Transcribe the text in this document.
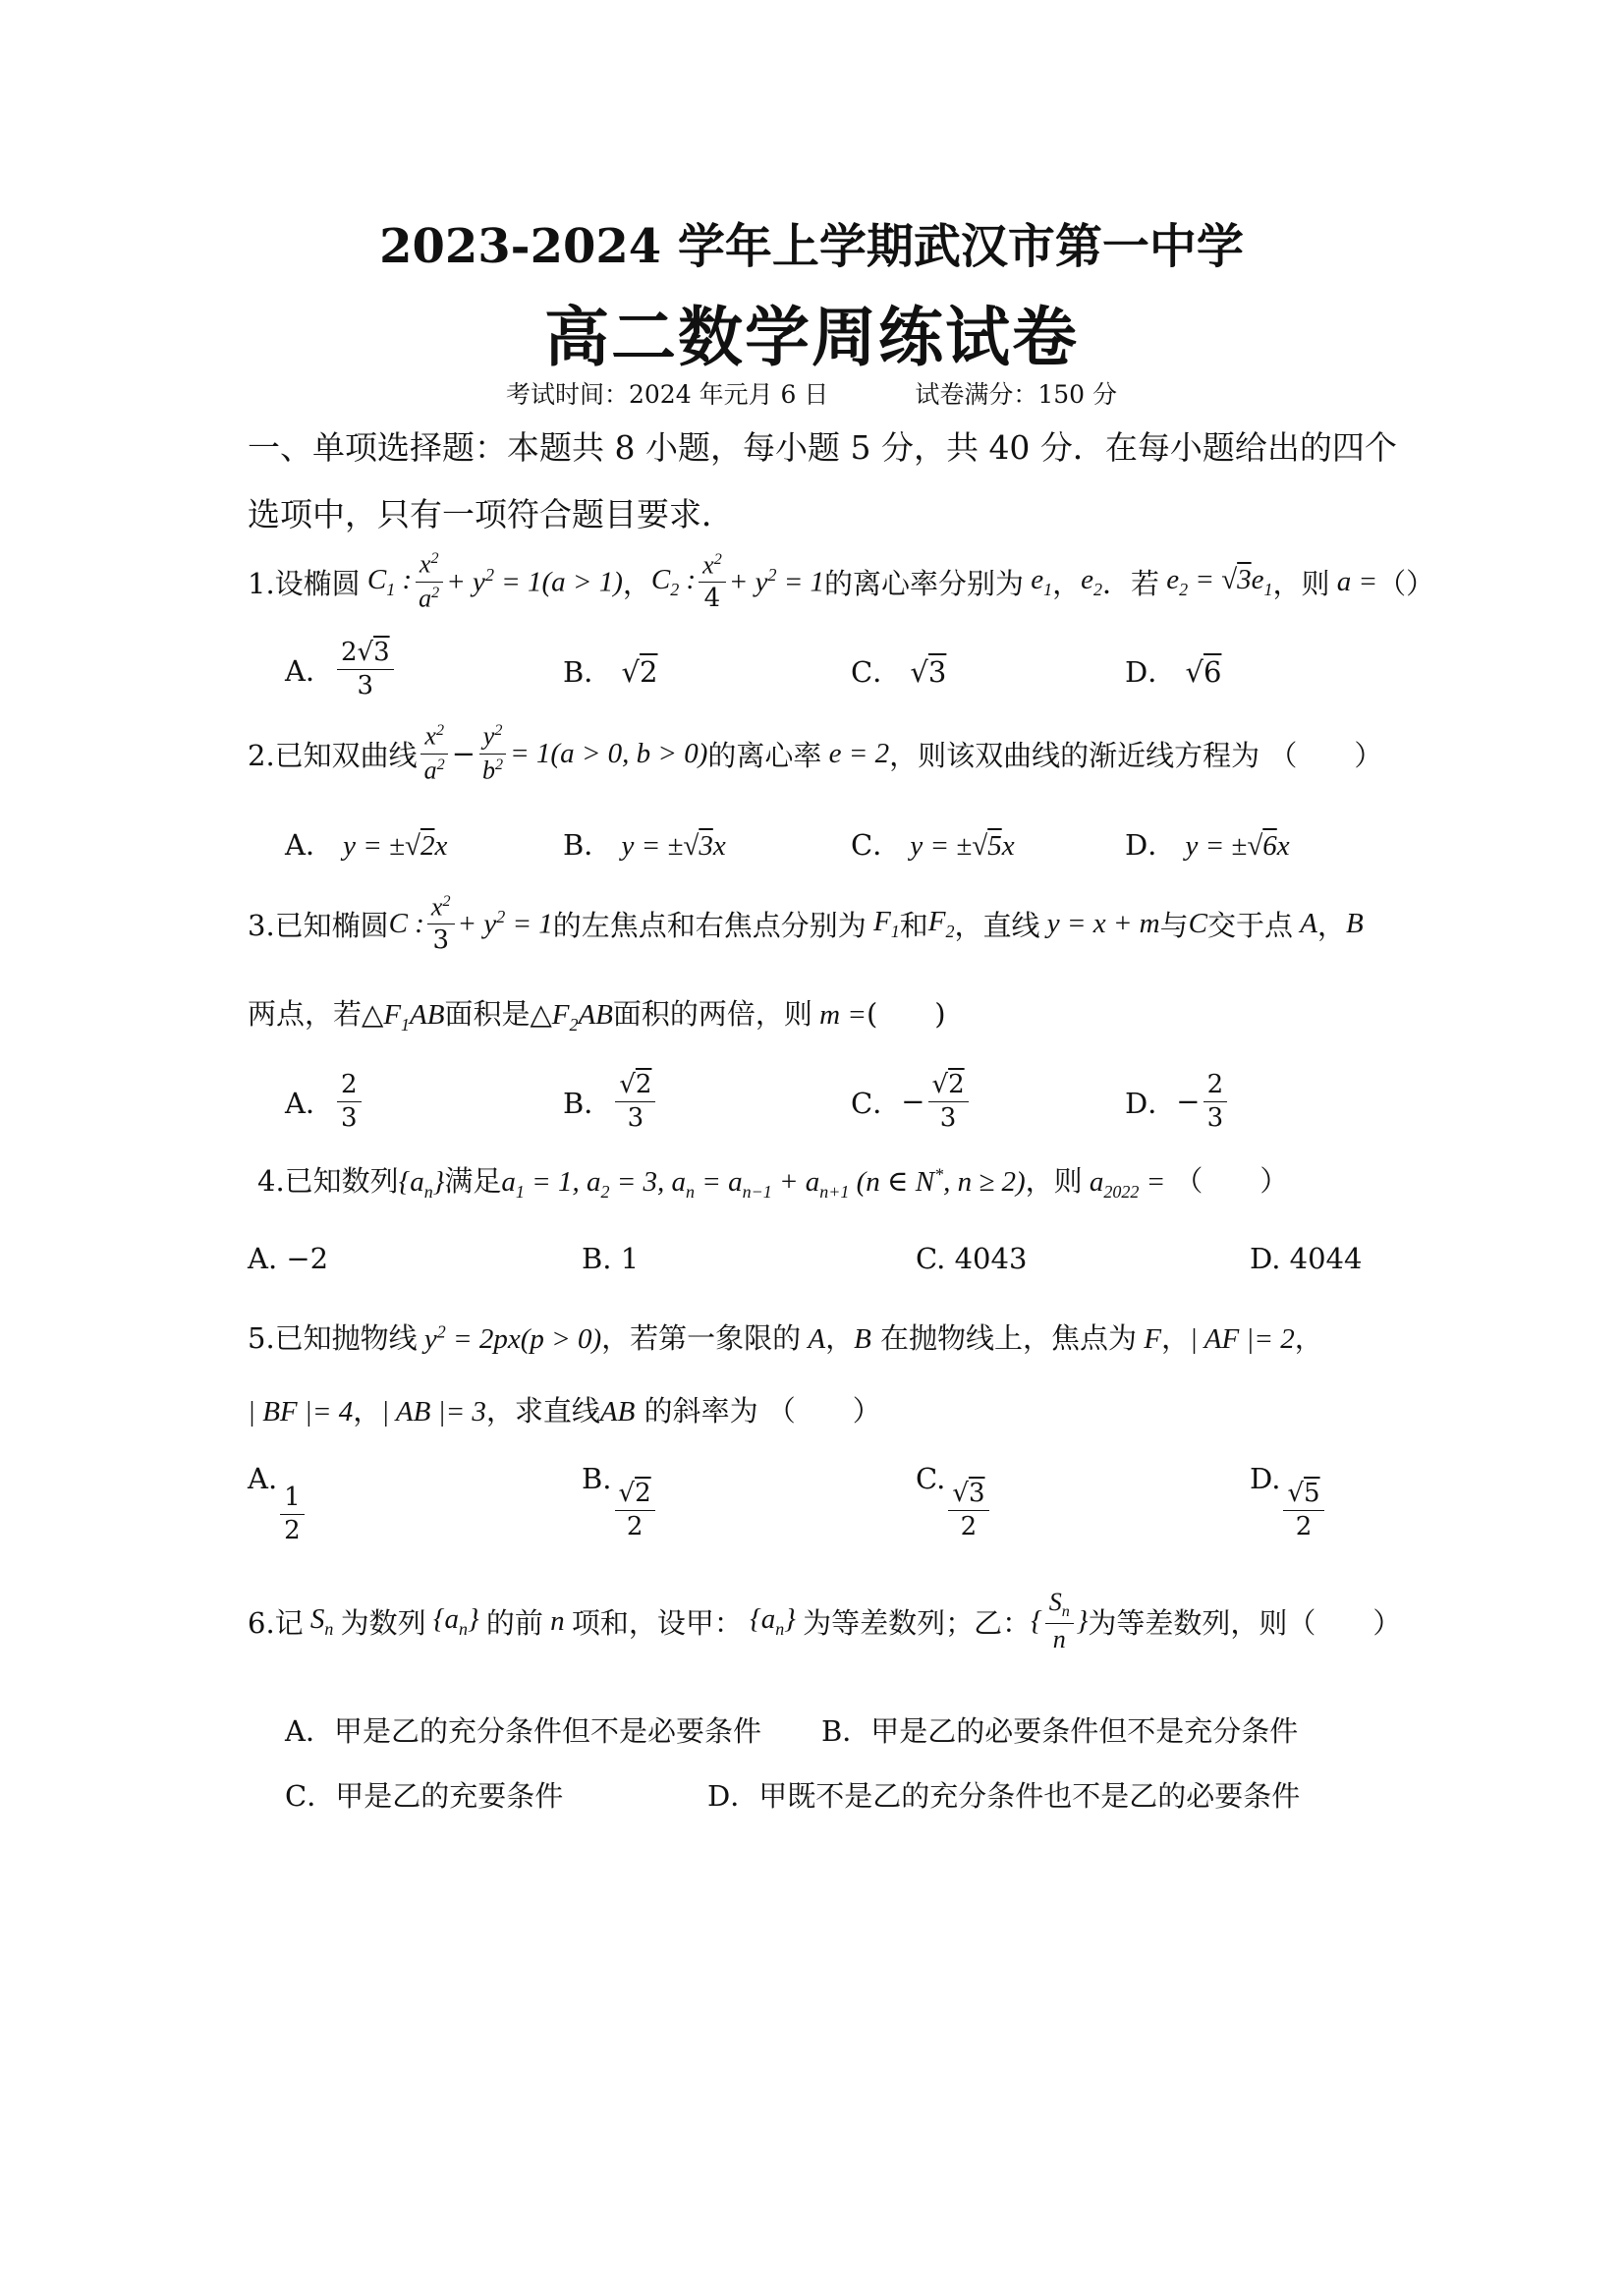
2023-2024 学年上学期武汉市第一中学
高二数学周练试卷
考试时间：2024 年元月 6 日	试卷满分：150 分
一、单项选择题：本题共 8 小题，每小题 5 分，共 40 分．在每小题给出的四个
选项中，只有一项符合题目要求．
1.设椭圆 $C_1$ : $\frac{x^2}{a^2} + y^2 = 1(a > 1)$ ， $C_2$ : $\frac{x^2}{4} + y^2 = 1$ 的离心率分别为 $e_1$ ， $e_2$ ．若 $e_2 = √3e_1$ ，则 a = （）
A． $\frac{2√3}{3}$	B． √2	C． √3	D． √6
2.已知双曲线 $\frac{x^2}{a^2} - \frac{y^2}{b^2} = 1(a > 0$, b > 0) 的离心率 e = 2 ，则该双曲线的渐近线方程为 （　　）
A． y = ±√2x	B． y = ±√3x	C． y = ±√5x	D． y = ±√6x
3.已知椭圆 C : $\frac{x^2}{3} + y^2 = 1$ 的左焦点和右焦点分别为 $F_1$ 和 $F_2$ ，直线 y = x + m 与 C 交于点 A ， B
两点，若$\triangle F_1AB$面积是$\triangle F_2AB$面积的两倍，则 m =(　　)
A． $\frac{2}{3}$	B． $\frac{√2}{3}$	C． − $\frac{√2}{3}$	D． − $\frac{2}{3}$
4.已知数列$\{a_n\}$满足$a_1 = 1$, $a_2 = 3$, $a_n = a_{n-1} + a_{n+1}$ (n ∈ N*, n ≥ 2)，则 $a_{2022}$ = （　　）
A. −2	B. 1	C. 4043	D. 4044
5.已知抛物线 $y^2 = 2px(p > 0)$，若第一象限的 A，B 在抛物线上，焦点为 F，| AF |= 2，
| BF |= 4，| AB |= 3，求直线AB 的斜率为 （　　）
A.
$\frac{1}{2}$
B.
$\frac{√2}{2}$
C.
$\frac{√3}{2}$
D.
$\frac{√5}{2}$
6.记 $S_n$ 为数列 $\{a_n\}$ 的前 n 项和，设甲： $\{a_n\}$ 为等差数列；乙： { $\frac{S_n}{n}$ } 为等差数列，则（　　）
A．甲是乙的充分条件但不是必要条件 B．甲是乙的必要条件但不是充分条件
C．甲是乙的充要条件	D．甲既不是乙的充分条件也不是乙的必要条件
